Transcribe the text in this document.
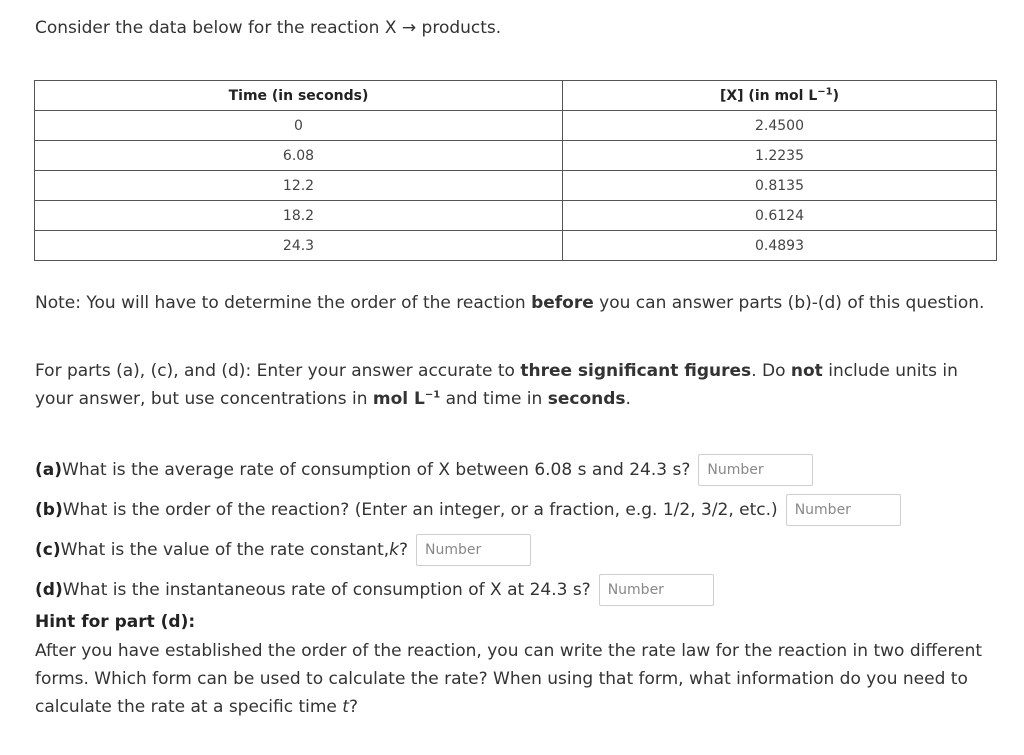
Consider the data below for the reaction X → products.
Time (in seconds)	[X] (in mol $L^{-1}$)
0	2.4500
6.08	1.2235
12.2	0.8135
18.2	0.6124
24.3	0.4893
Note: You will have to determine the order of the reaction before you can answer parts (b)-(d) of this question.
For parts (a), (c), and (d): Enter your answer accurate to three significant figures. Do not include units in your answer, but use concentrations in mol $L^{-1}$ and time in seconds.
(a) What is the average rate of consumption of X between 6.08 s and 24.3 s?
Number
(b) What is the order of the reaction? (Enter an integer, or a fraction, e.g. 1/2, 3/2, etc.)
Number
(c) What is the value of the rate constant, k ?
Number
(d) What is the instantaneous rate of consumption of X at 24.3 s?
Number
Hint for part (d):
After you have established the order of the reaction, you can write the rate law for the reaction in two different forms. Which form can be used to calculate the rate? When using that form, what information do you need to calculate the rate at a specific time t?
